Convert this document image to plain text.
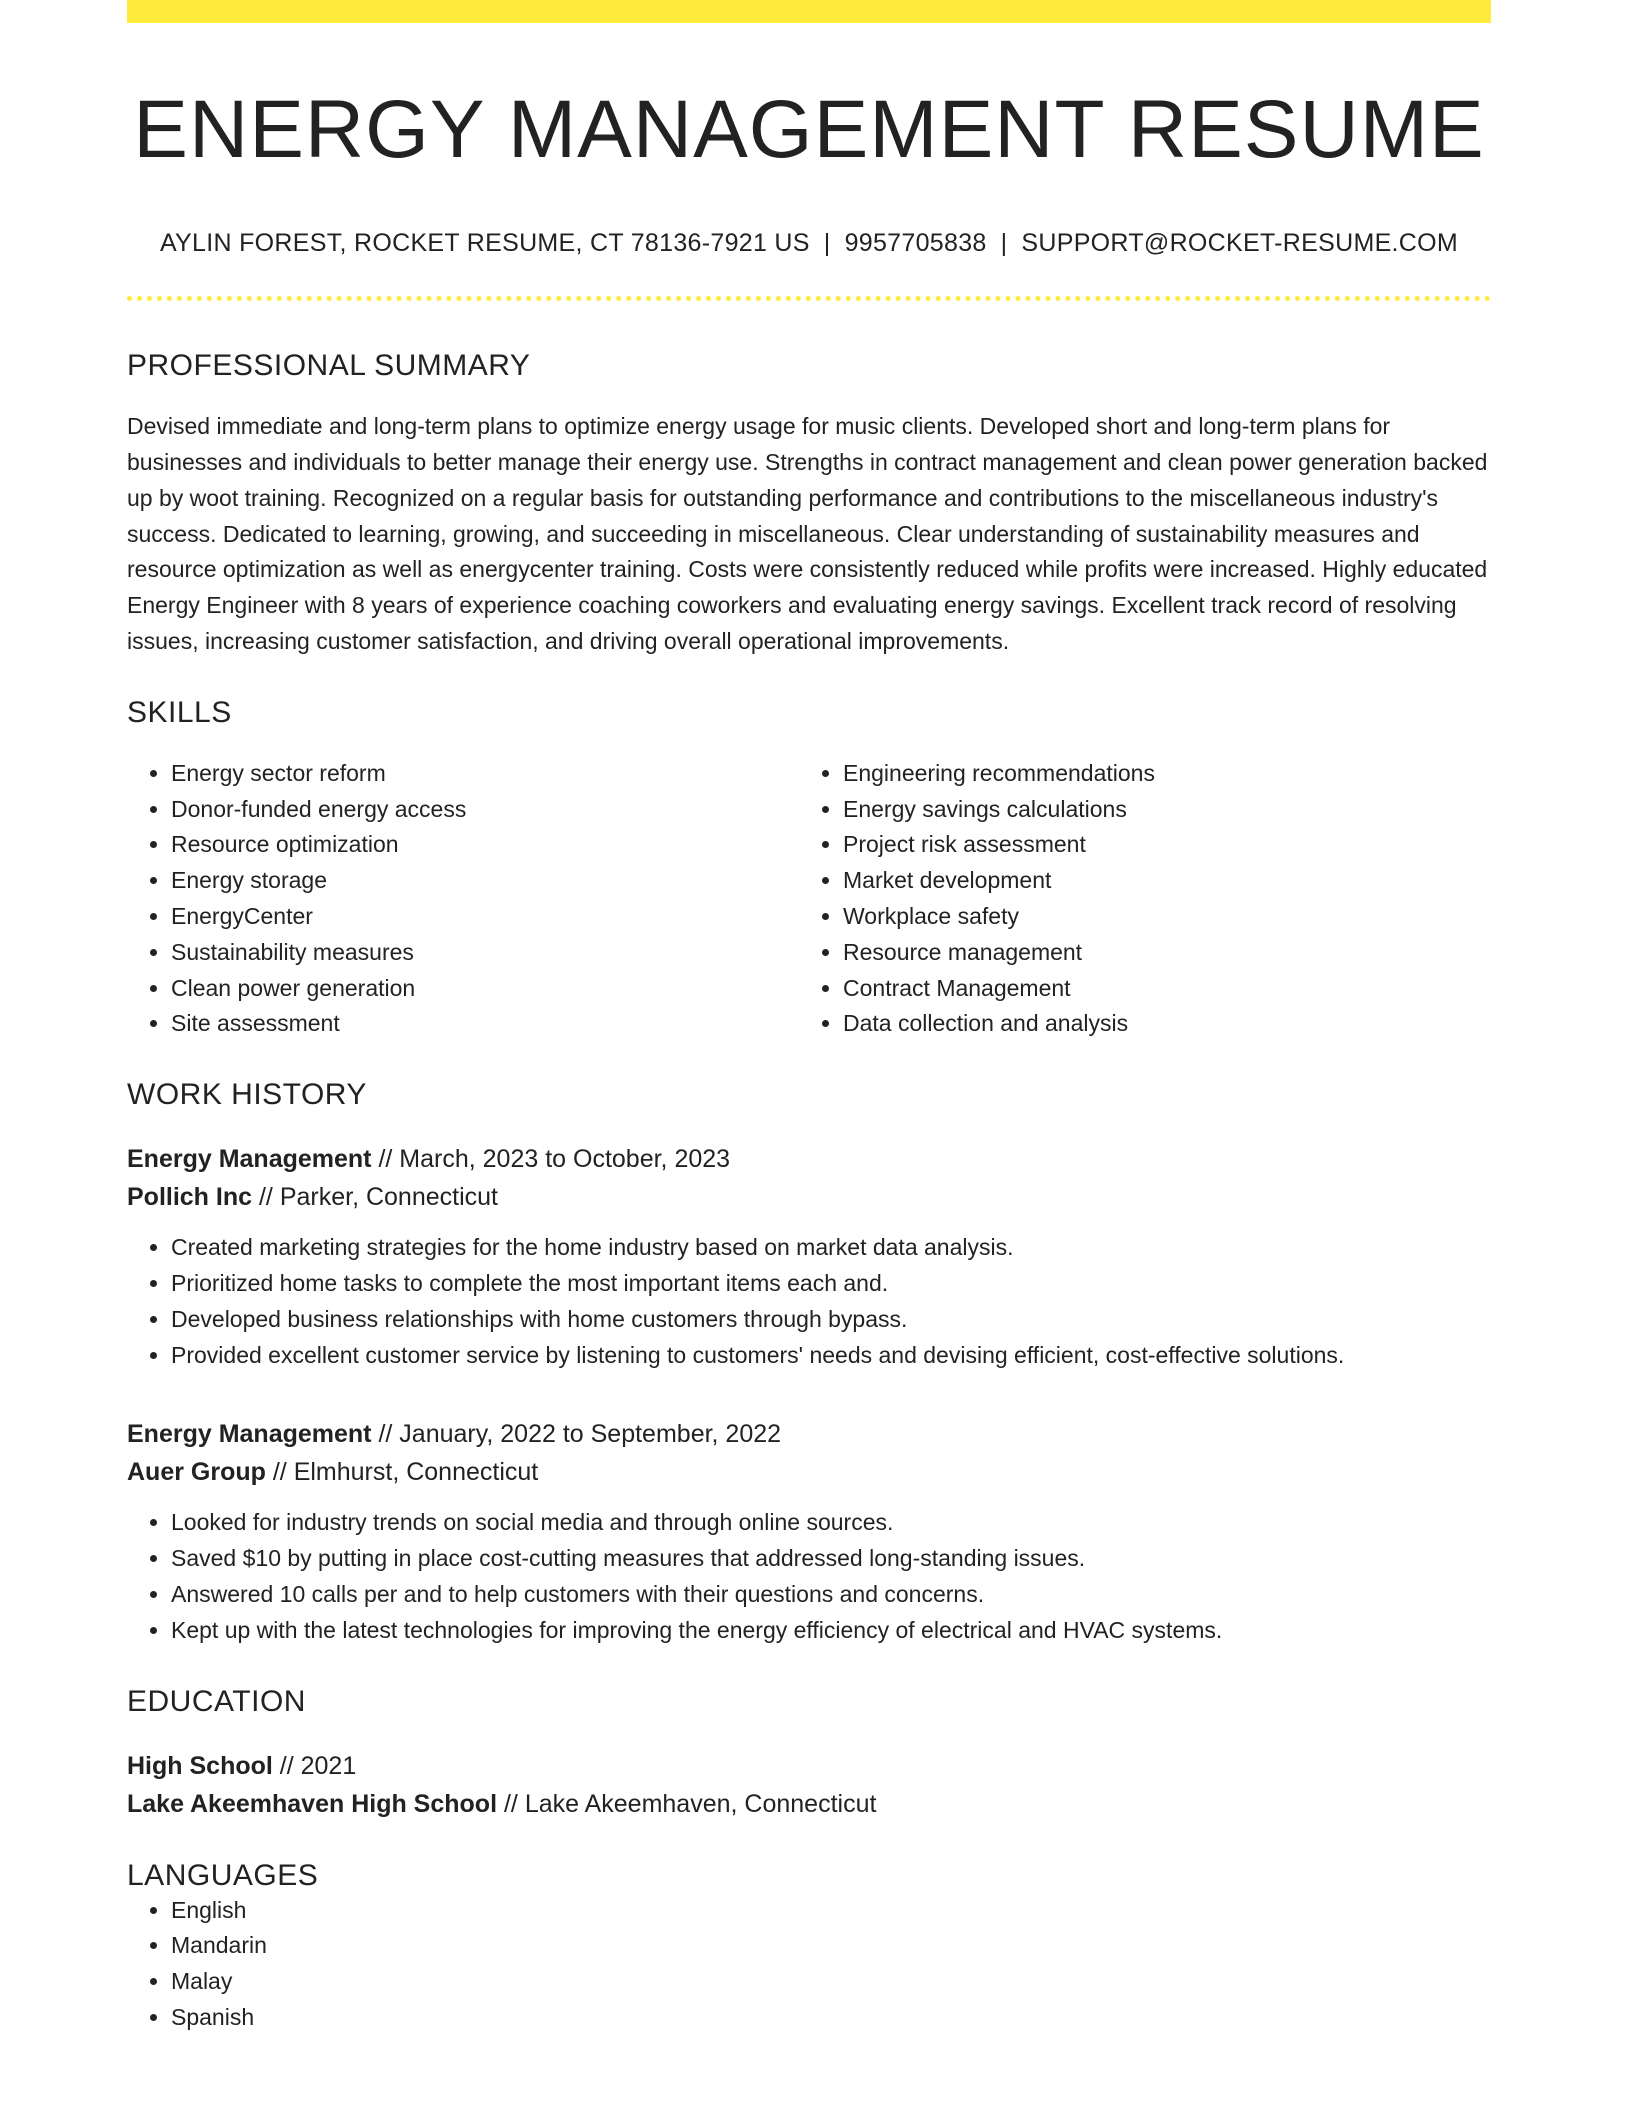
ENERGY MANAGEMENT RESUME
AYLIN FOREST, ROCKET RESUME, CT 78136-7921 US | 9957705838 | SUPPORT@ROCKET-RESUME.COM
PROFESSIONAL SUMMARY

Devised immediate and long-term plans to optimize energy usage for music clients. Developed short and long-term plans for businesses and individuals to better manage their energy use. Strengths in contract management and clean power generation backed up by woot training. Recognized on a regular basis for outstanding performance and contributions to the miscellaneous industry's success. Dedicated to learning, growing, and succeeding in miscellaneous. Clear understanding of sustainability measures and resource optimization as well as energycenter training. Costs were consistently reduced while profits were increased. Highly educated Energy Engineer with 8 years of experience coaching coworkers and evaluating energy savings. Excellent track record of resolving issues, increasing customer satisfaction, and driving overall operational improvements.

SKILLS
• Energy sector reform
• Donor-funded energy access
• Resource optimization
• Energy storage
• EnergyCenter
• Sustainability measures
• Clean power generation
• Site assessment
• Engineering recommendations
• Energy savings calculations
• Project risk assessment
• Market development
• Workplace safety
• Resource management
• Contract Management
• Data collection and analysis
WORK HISTORY
Energy Management // March, 2023 to October, 2023
Pollich Inc // Parker, Connecticut
• Created marketing strategies for the home industry based on market data analysis.
• Prioritized home tasks to complete the most important items each and.
• Developed business relationships with home customers through bypass.
• Provided excellent customer service by listening to customers' needs and devising efficient, cost-effective solutions.
Energy Management // January, 2022 to September, 2022
Auer Group // Elmhurst, Connecticut
• Looked for industry trends on social media and through online sources.
• Saved $10 by putting in place cost-cutting measures that addressed long-standing issues.
• Answered 10 calls per and to help customers with their questions and concerns.
• Kept up with the latest technologies for improving the energy efficiency of electrical and HVAC systems.
EDUCATION
High School // 2021
Lake Akeemhaven High School // Lake Akeemhaven, Connecticut
LANGUAGES
• English
• Mandarin
• Malay
• Spanish
